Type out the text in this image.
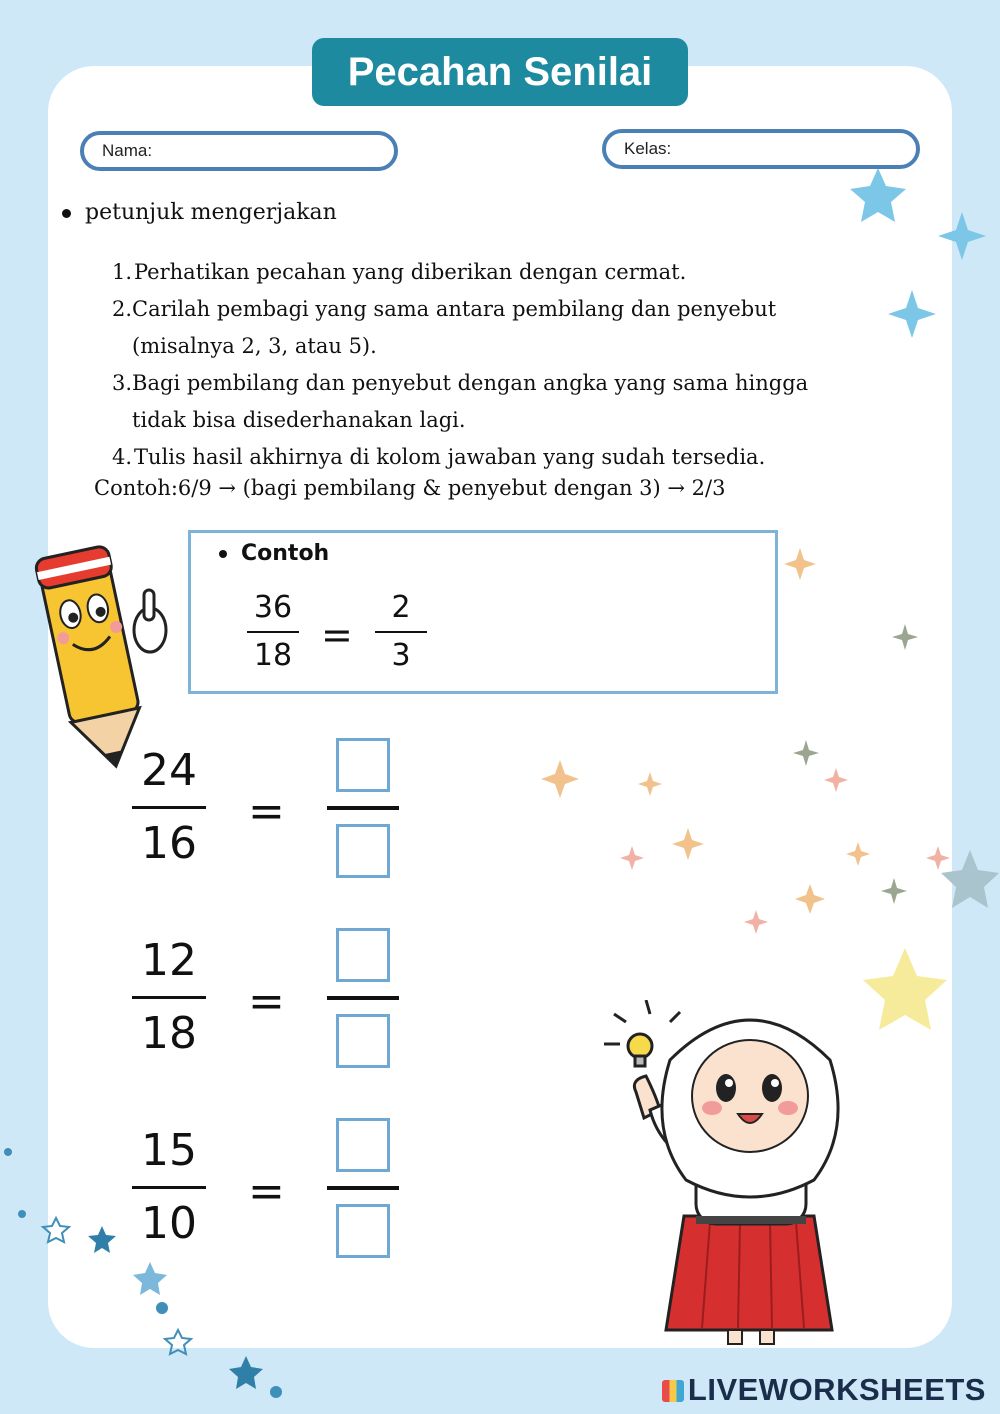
Pecahan Senilai
Nama:	Kelas:
petunjuk mengerjakan
1. Perhatikan pecahan yang diberikan dengan cermat.
2. Carilah pembagi yang sama antara pembilang dan penyebut (misalnya 2, 3, atau 5).
3. Bagi pembilang dan penyebut dengan angka yang sama hingga tidak bisa disederhanakan lagi.
4. Tulis hasil akhirnya di kolom jawaban yang sudah tersedia.
Contoh:6/9 → (bagi pembilang & penyebut dengan 3) → 2/3
Contoh
36
18 =
2
3
24
16
=
12
18
=
15
10
=
LIVEWORKSHEETS
